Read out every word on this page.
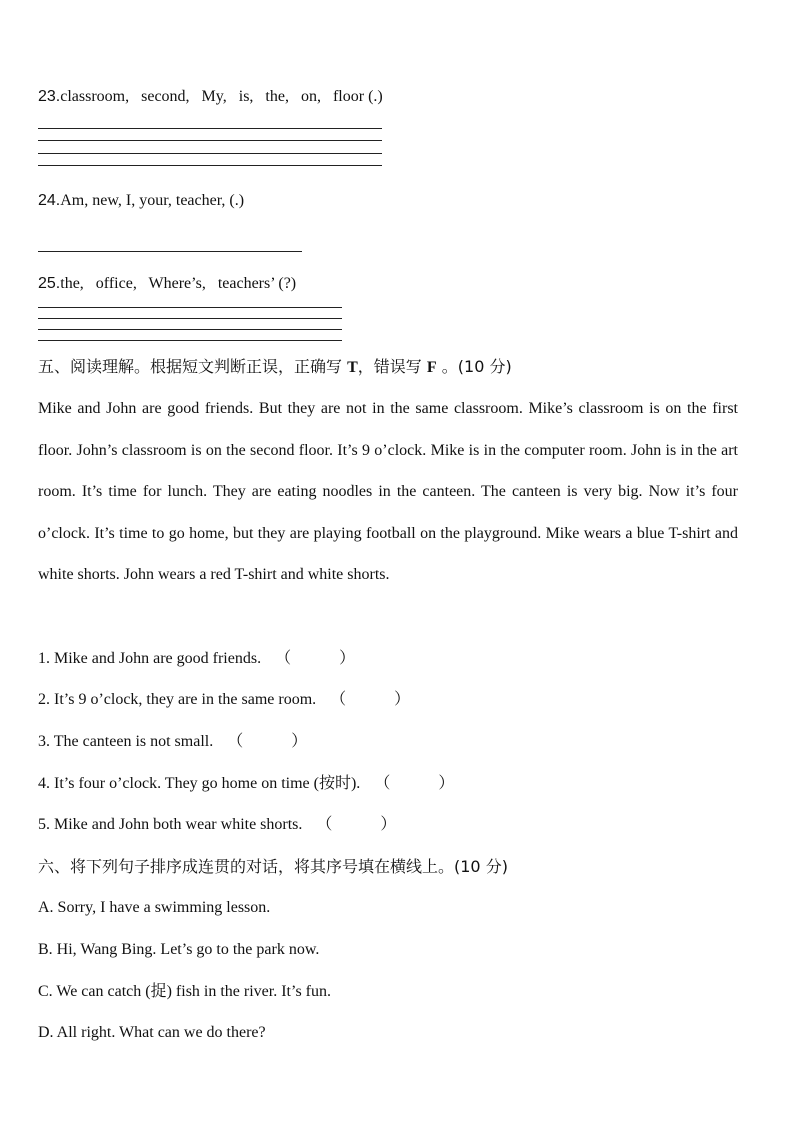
23.classroom,   second,   My,   is,   the,   on,   floor (.)
24.Am, new, I, your, teacher, (.)
25.the,   office,   Where’s,   teachers’ (?)
五、阅读理解。根据短文判断正误，正确写 T，错误写 F 。(10 分)
Mike and John are good friends. But they are not in the same classroom. Mike’s classroom is on the first floor. John’s classroom is on the second floor. It’s 9 o’clock. Mike is in the computer room. John is in the art room. It’s time for lunch. They are eating noodles in the canteen. The canteen is very big. Now it’s four o’clock. It’s time to go home, but they are playing football on the playground. Mike wears a blue T-shirt and white shorts. John wears a red T-shirt and white shorts.
1. Mike and John are good friends. （	）
2. It’s 9 o’clock, they are in the same room. （	）
3. The canteen is not small. （	）
4. It’s four o’clock. They go home on time (按时). （	）
5. Mike and John both wear white shorts. （	）
六、将下列句子排序成连贯的对话，将其序号填在横线上。(10 分)
A. Sorry, I have a swimming lesson.
B. Hi, Wang Bing. Let’s go to the park now.
C. We can catch (捉) fish in the river. It’s fun.
D. All right. What can we do there?
